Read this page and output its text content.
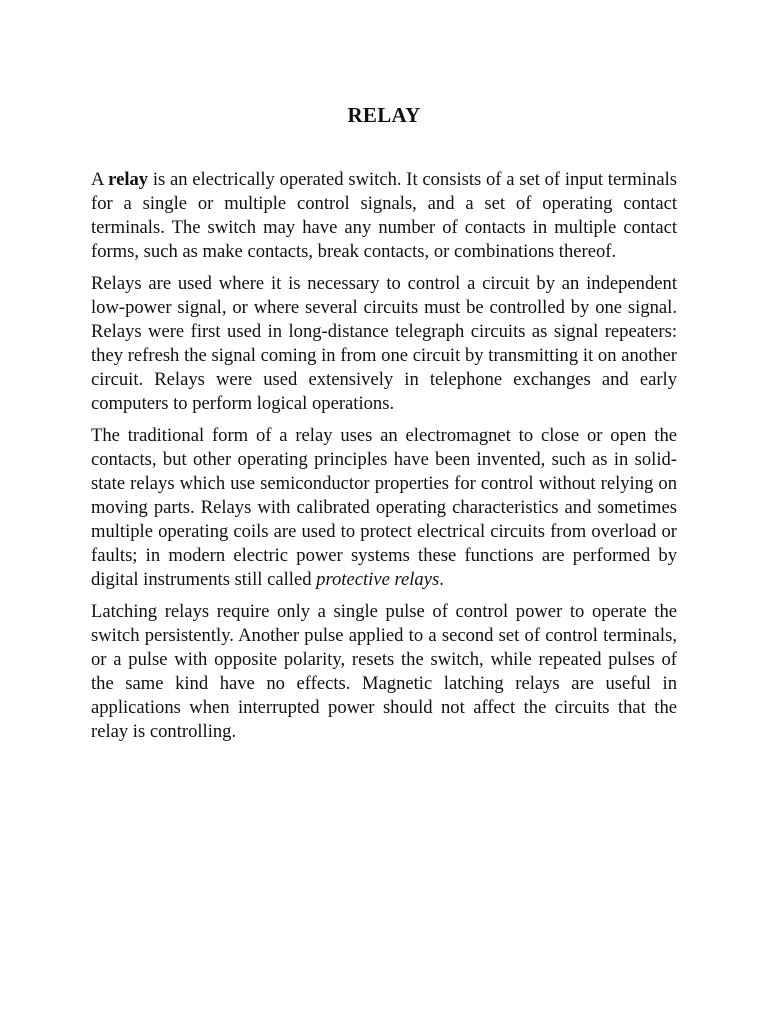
RELAY

A relay is an electrically operated switch. It consists of a set of input terminals for a single or multiple control signals, and a set of operating contact terminals. The switch may have any number of contacts in multiple contact forms, such as make contacts, break contacts, or combinations thereof.

Relays are used where it is necessary to control a circuit by an independent low-power signal, or where several circuits must be controlled by one signal. Relays were first used in long-distance telegraph circuits as signal repeaters: they refresh the signal coming in from one circuit by transmitting it on another circuit. Relays were used extensively in telephone exchanges and early computers to perform logical operations.

The traditional form of a relay uses an electromagnet to close or open the contacts, but other operating principles have been invented, such as in solid-state relays which use semiconductor properties for control without relying on moving parts. Relays with calibrated operating characteristics and sometimes multiple operating coils are used to protect electrical circuits from overload or faults; in modern electric power systems these functions are performed by digital instruments still called protective relays.

Latching relays require only a single pulse of control power to operate the switch persistently. Another pulse applied to a second set of control terminals, or a pulse with opposite polarity, resets the switch, while repeated pulses of the same kind have no effects. Magnetic latching relays are useful in applications when interrupted power should not affect the circuits that the relay is controlling.
